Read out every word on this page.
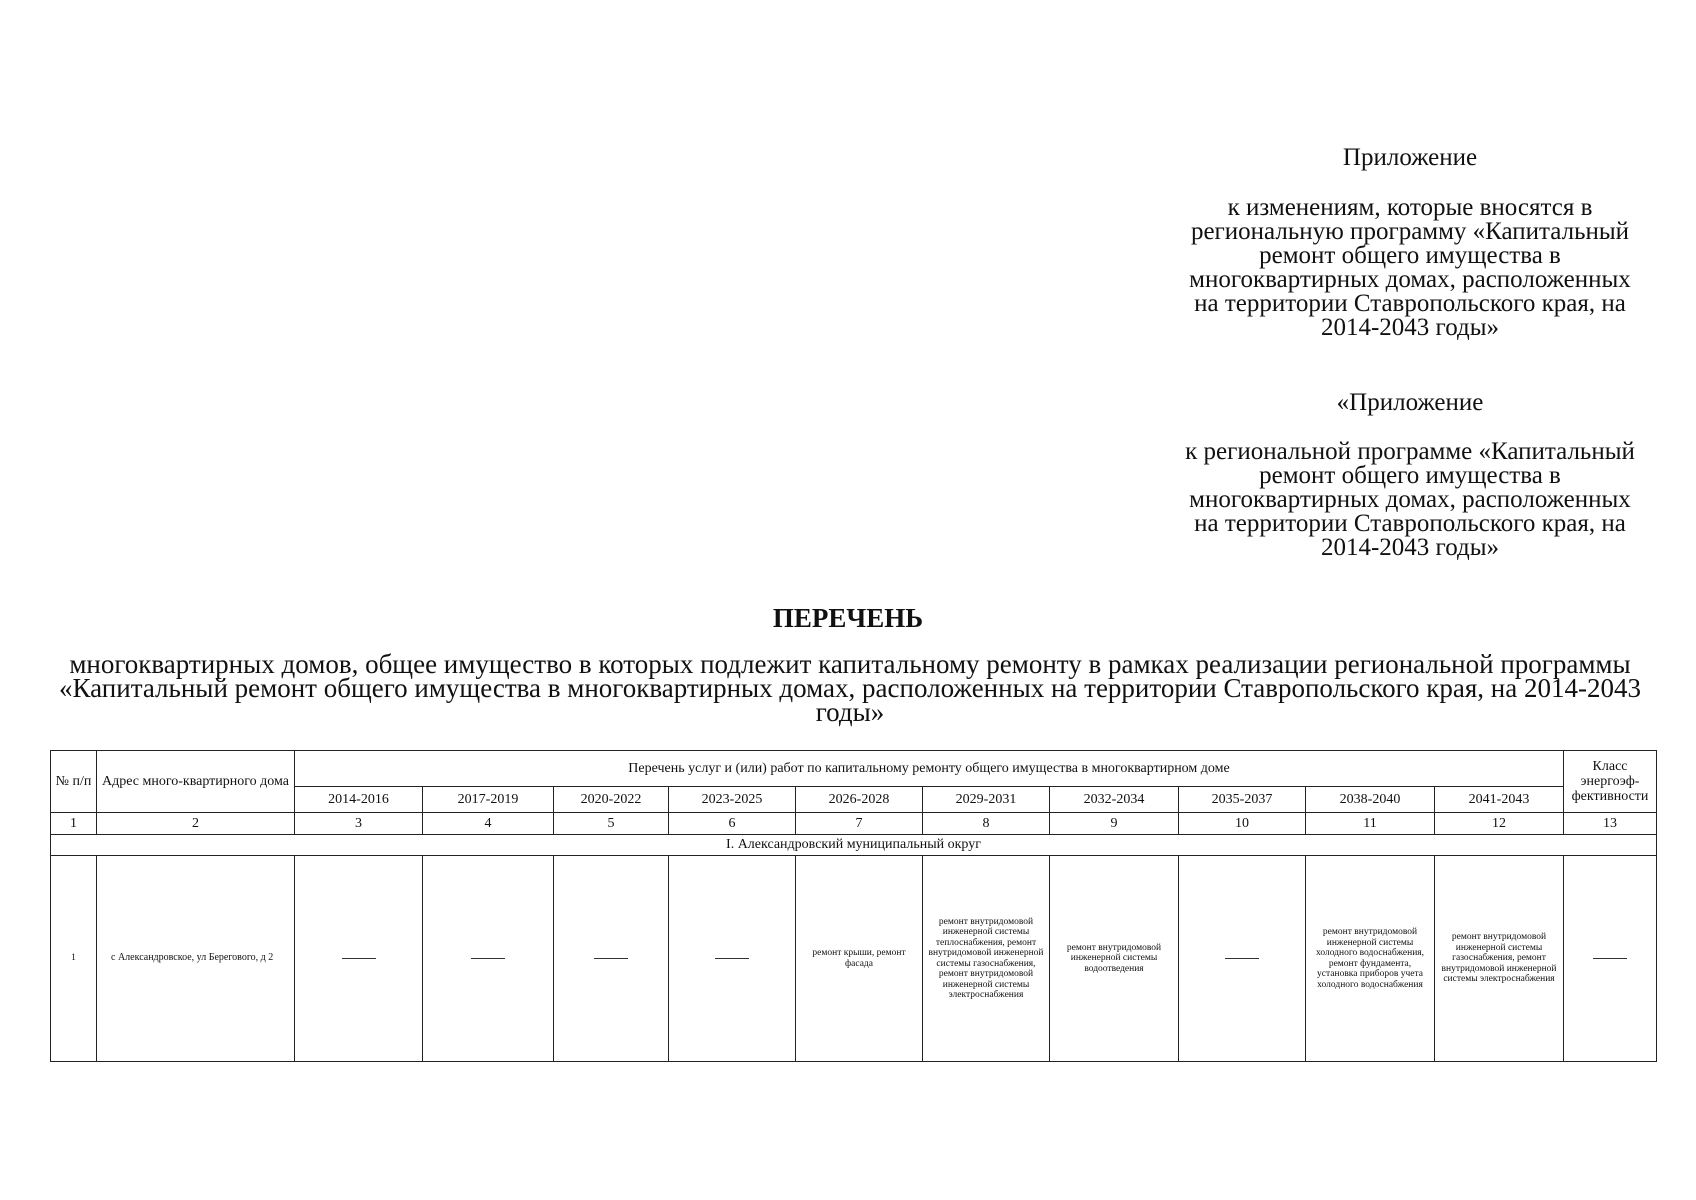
Приложение

к изменениям, которые вносятся в региональную программу «Капитальный ремонт общего имущества в многоквартирных домах, расположенных на территории Ставропольского края, на 2014-2043 годы»

«Приложение

к региональной программе «Капитальный ремонт общего имущества в многоквартирных домах, расположенных на территории Ставропольского края, на 2014-2043 годы»

ПЕРЕЧЕНЬ

многоквартирных домов, общее имущество в которых подлежит капитальному ремонту в рамках реализации региональной программы «Капитальный ремонт общего имущества в многоквартирных домах, расположенных на территории Ставропольского края, на 2014-2043 годы»

№ п/п	Адрес много-квартирного дома	Перечень услуг и (или) работ по капитальному ремонту общего имущества в многоквартирном доме										Класс энергоэф-фективности
		2014-2016	2017-2019	2020-2022	2023-2025	2026-2028	2029-2031	2032-2034	2035-2037	2038-2040	2041-2043	
1	2	3	4	5	6	7	8	9	10	11	12	13
I. Александровский муниципальный округ												
1	с Александровское, ул Берегового, д 2					ремонт крыши, ремонт фасада	ремонт внутридомовой инженерной системы теплоснабжения, ремонт внутридомовой инженерной системы газоснабжения, ремонт внутридомовой инженерной системы электроснабжения	ремонт внутридомовой инженерной системы водоотведения		ремонт внутридомовой инженерной системы холодного водоснабжения, ремонт фундамента, установка приборов учета холодного водоснабжения	ремонт внутридомовой инженерной системы газоснабжения, ремонт внутридомовой инженерной системы электроснабжения	
